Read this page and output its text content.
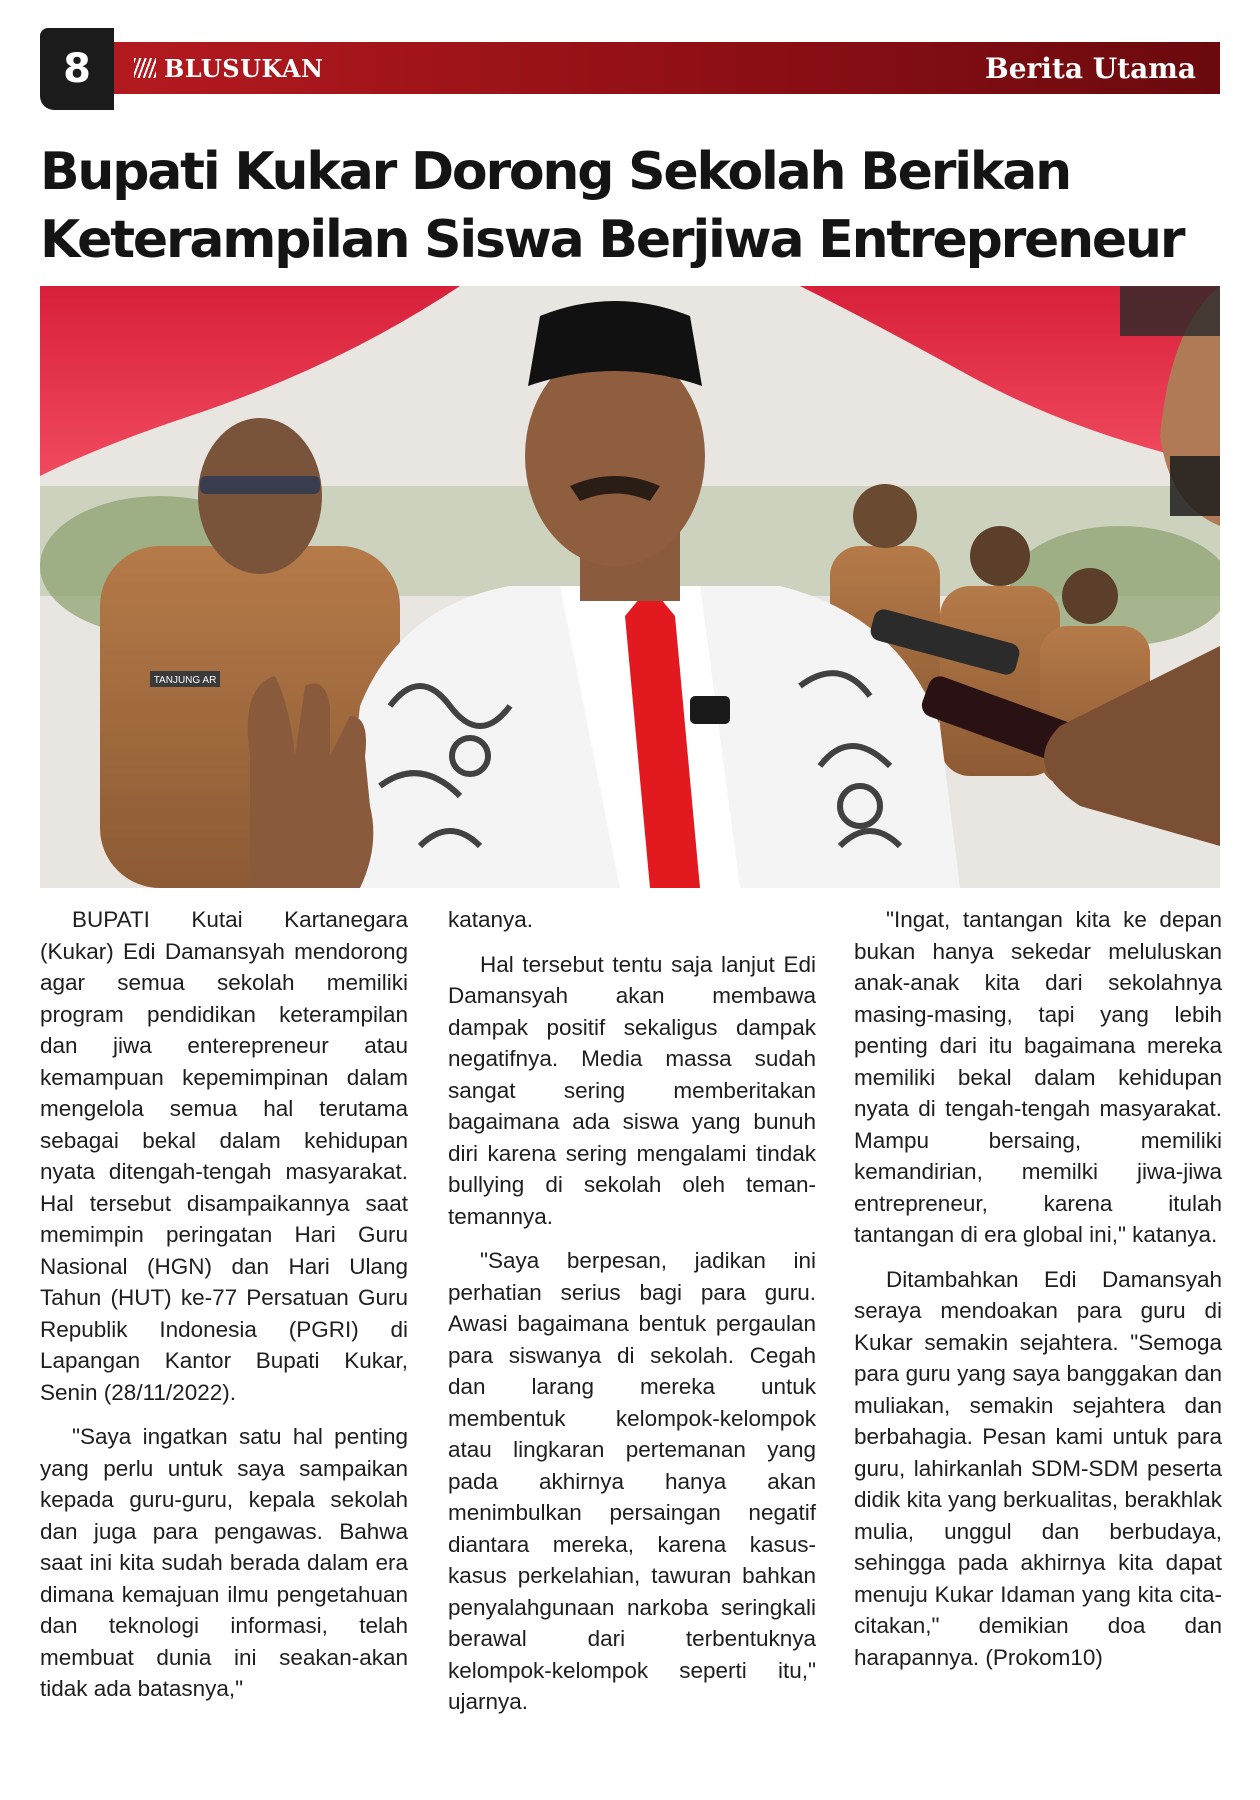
8	BLUSUKAN	Berita Utama
Bupati Kukar Dorong Sekolah Berikan Keterampilan Siswa Berjiwa Entrepreneur
TANJUNG AR

BUPATI Kutai Kartanegara (Kukar) Edi Damansyah mendorong agar semua sekolah memiliki program pendidikan keterampilan dan jiwa enterepreneur atau kemampuan kepemimpinan dalam mengelola semua hal terutama sebagai bekal dalam kehidupan nyata ditengah-tengah masyarakat. Hal tersebut disampaikannya saat memimpin peringatan Hari Guru Nasional (HGN) dan Hari Ulang Tahun (HUT) ke-77 Persatuan Guru Republik Indonesia (PGRI) di Lapangan Kantor Bupati Kukar, Senin (28/11/2022).

"Saya ingatkan satu hal penting yang perlu untuk saya sampaikan kepada guru-guru, kepala sekolah dan juga para pengawas. Bahwa saat ini kita sudah berada dalam era dimana kemajuan ilmu pengetahuan dan teknologi informasi, telah membuat dunia ini seakan-akan tidak ada batasnya,"

katanya.

Hal tersebut tentu saja lanjut Edi Damansyah akan membawa dampak positif sekaligus dampak negatifnya. Media massa sudah sangat sering memberitakan bagaimana ada siswa yang bunuh diri karena sering mengalami tindak bullying di sekolah oleh teman-temannya.

"Saya berpesan, jadikan ini perhatian serius bagi para guru. Awasi bagaimana bentuk pergaulan para siswanya di sekolah. Cegah dan larang mereka untuk membentuk kelompok-kelompok atau lingkaran pertemanan yang pada akhirnya hanya akan menimbulkan persaingan negatif diantara mereka, karena kasus-kasus perkelahian, tawuran bahkan penyalahgunaan narkoba seringkali berawal dari terbentuknya kelompok-kelompok seperti itu," ujarnya.

"Ingat, tantangan kita ke depan bukan hanya sekedar meluluskan anak-anak kita dari sekolahnya masing-masing, tapi yang lebih penting dari itu bagaimana mereka memiliki bekal dalam kehidupan nyata di tengah-tengah masyarakat. Mampu bersaing, memiliki kemandirian, memilki jiwa-jiwa entrepreneur, karena itulah tantangan di era global ini," katanya.

Ditambahkan Edi Damansyah seraya mendoakan para guru di Kukar semakin sejahtera. "Semoga para guru yang saya banggakan dan muliakan, semakin sejahtera dan berbahagia. Pesan kami untuk para guru, lahirkanlah SDM-SDM peserta didik kita yang berkualitas, berakhlak mulia, unggul dan berbudaya, sehingga pada akhirnya kita dapat menuju Kukar Idaman yang kita cita-citakan," demikian doa dan harapannya. (Prokom10)
